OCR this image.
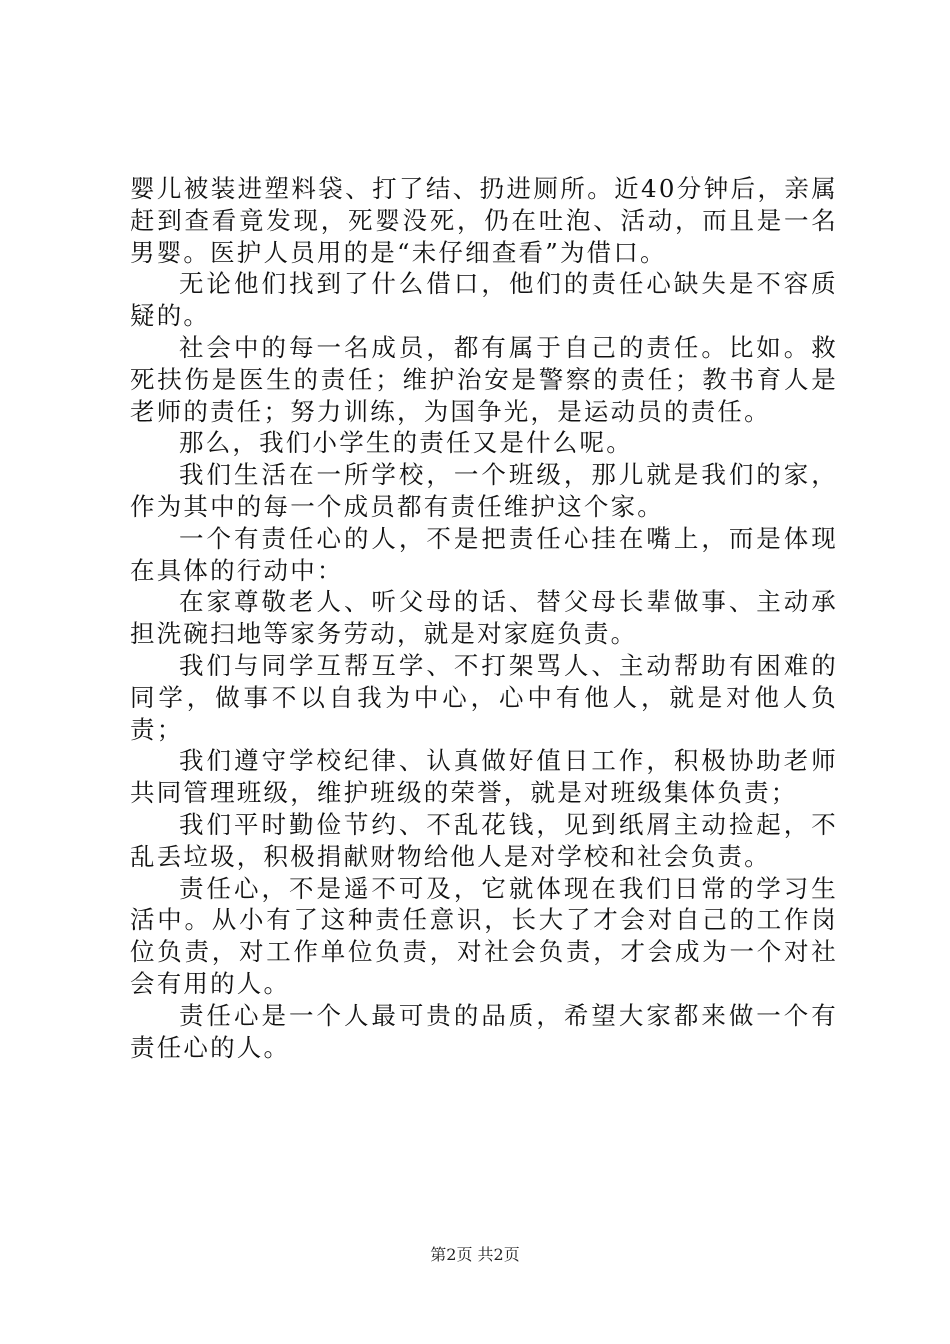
婴儿被装进塑料袋、打了结、扔进厕所。近40分钟后，亲属赶到查看竟发现，死婴没死，仍在吐泡、活动，而且是一名男婴。医护人员用的是“未仔细查看”为借口。

无论他们找到了什么借口，他们的责任心缺失是不容质疑的。

社会中的每一名成员，都有属于自己的责任。比如。救死扶伤是医生的责任；维护治安是警察的责任；教书育人是老师的责任；努力训练，为国争光，是运动员的责任。

那么，我们小学生的责任又是什么呢。

我们生活在一所学校，一个班级，那儿就是我们的家，作为其中的每一个成员都有责任维护这个家。

一个有责任心的人，不是把责任心挂在嘴上，而是体现在具体的行动中：

在家尊敬老人、听父母的话、替父母长辈做事、主动承担洗碗扫地等家务劳动，就是对家庭负责。

我们与同学互帮互学、不打架骂人、主动帮助有困难的同学，做事不以自我为中心，心中有他人，就是对他人负责；

我们遵守学校纪律、认真做好值日工作，积极协助老师共同管理班级，维护班级的荣誉，就是对班级集体负责；

我们平时勤俭节约、不乱花钱，见到纸屑主动捡起，不乱丢垃圾，积极捐献财物给他人是对学校和社会负责。

责任心，不是遥不可及，它就体现在我们日常的学习生活中。从小有了这种责任意识，长大了才会对自己的工作岗位负责，对工作单位负责，对社会负责，才会成为一个对社会有用的人。

责任心是一个人最可贵的品质，希望大家都来做一个有责任心的人。

第2页 共2页
